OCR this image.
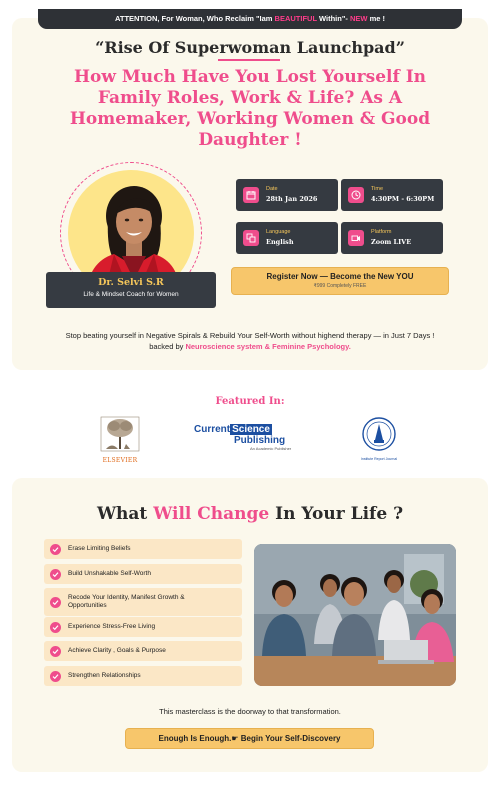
ATTENTION, For Woman, Who Reclaim "Iam BEAUTIFUL Within"- NEW me !
“Rise Of Superwoman Launchpad”
How Much Have You Lost Yourself In Family Roles, Work & Life? As A Homemaker, Working Women & Good Daughter !
Dr. Selvi S.R
Life & Mindset Coach for Women
Date
28th Jan 2026
Time
4:30PM - 6:30PM
Language
English
Platform
Zoom LIVE
Register Now — Become the New YOU
₹999 Completely FREE
Stop beating yourself in Negative Spirals & Rebuild Your Self-Worth without highend therapy — in Just 7 Days !
backed by Neuroscience system & Feminine Psychology.
Featured In:
ELSEVIER
Current Science
Publishing
An Academic Publisher
Institute Report Journal
What Will Change In Your Life ?
Erase Limiting Beliefs
Build Unshakable Self-Worth
Recode Your Identity, Manifest Growth & Opportunities
Experience Stress-Free Living
Achieve Clarity , Goals & Purpose
Strengthen Relationships
This masterclass is the doorway to that transformation.
Enough Is Enough.☛ Begin Your Self-Discovery
